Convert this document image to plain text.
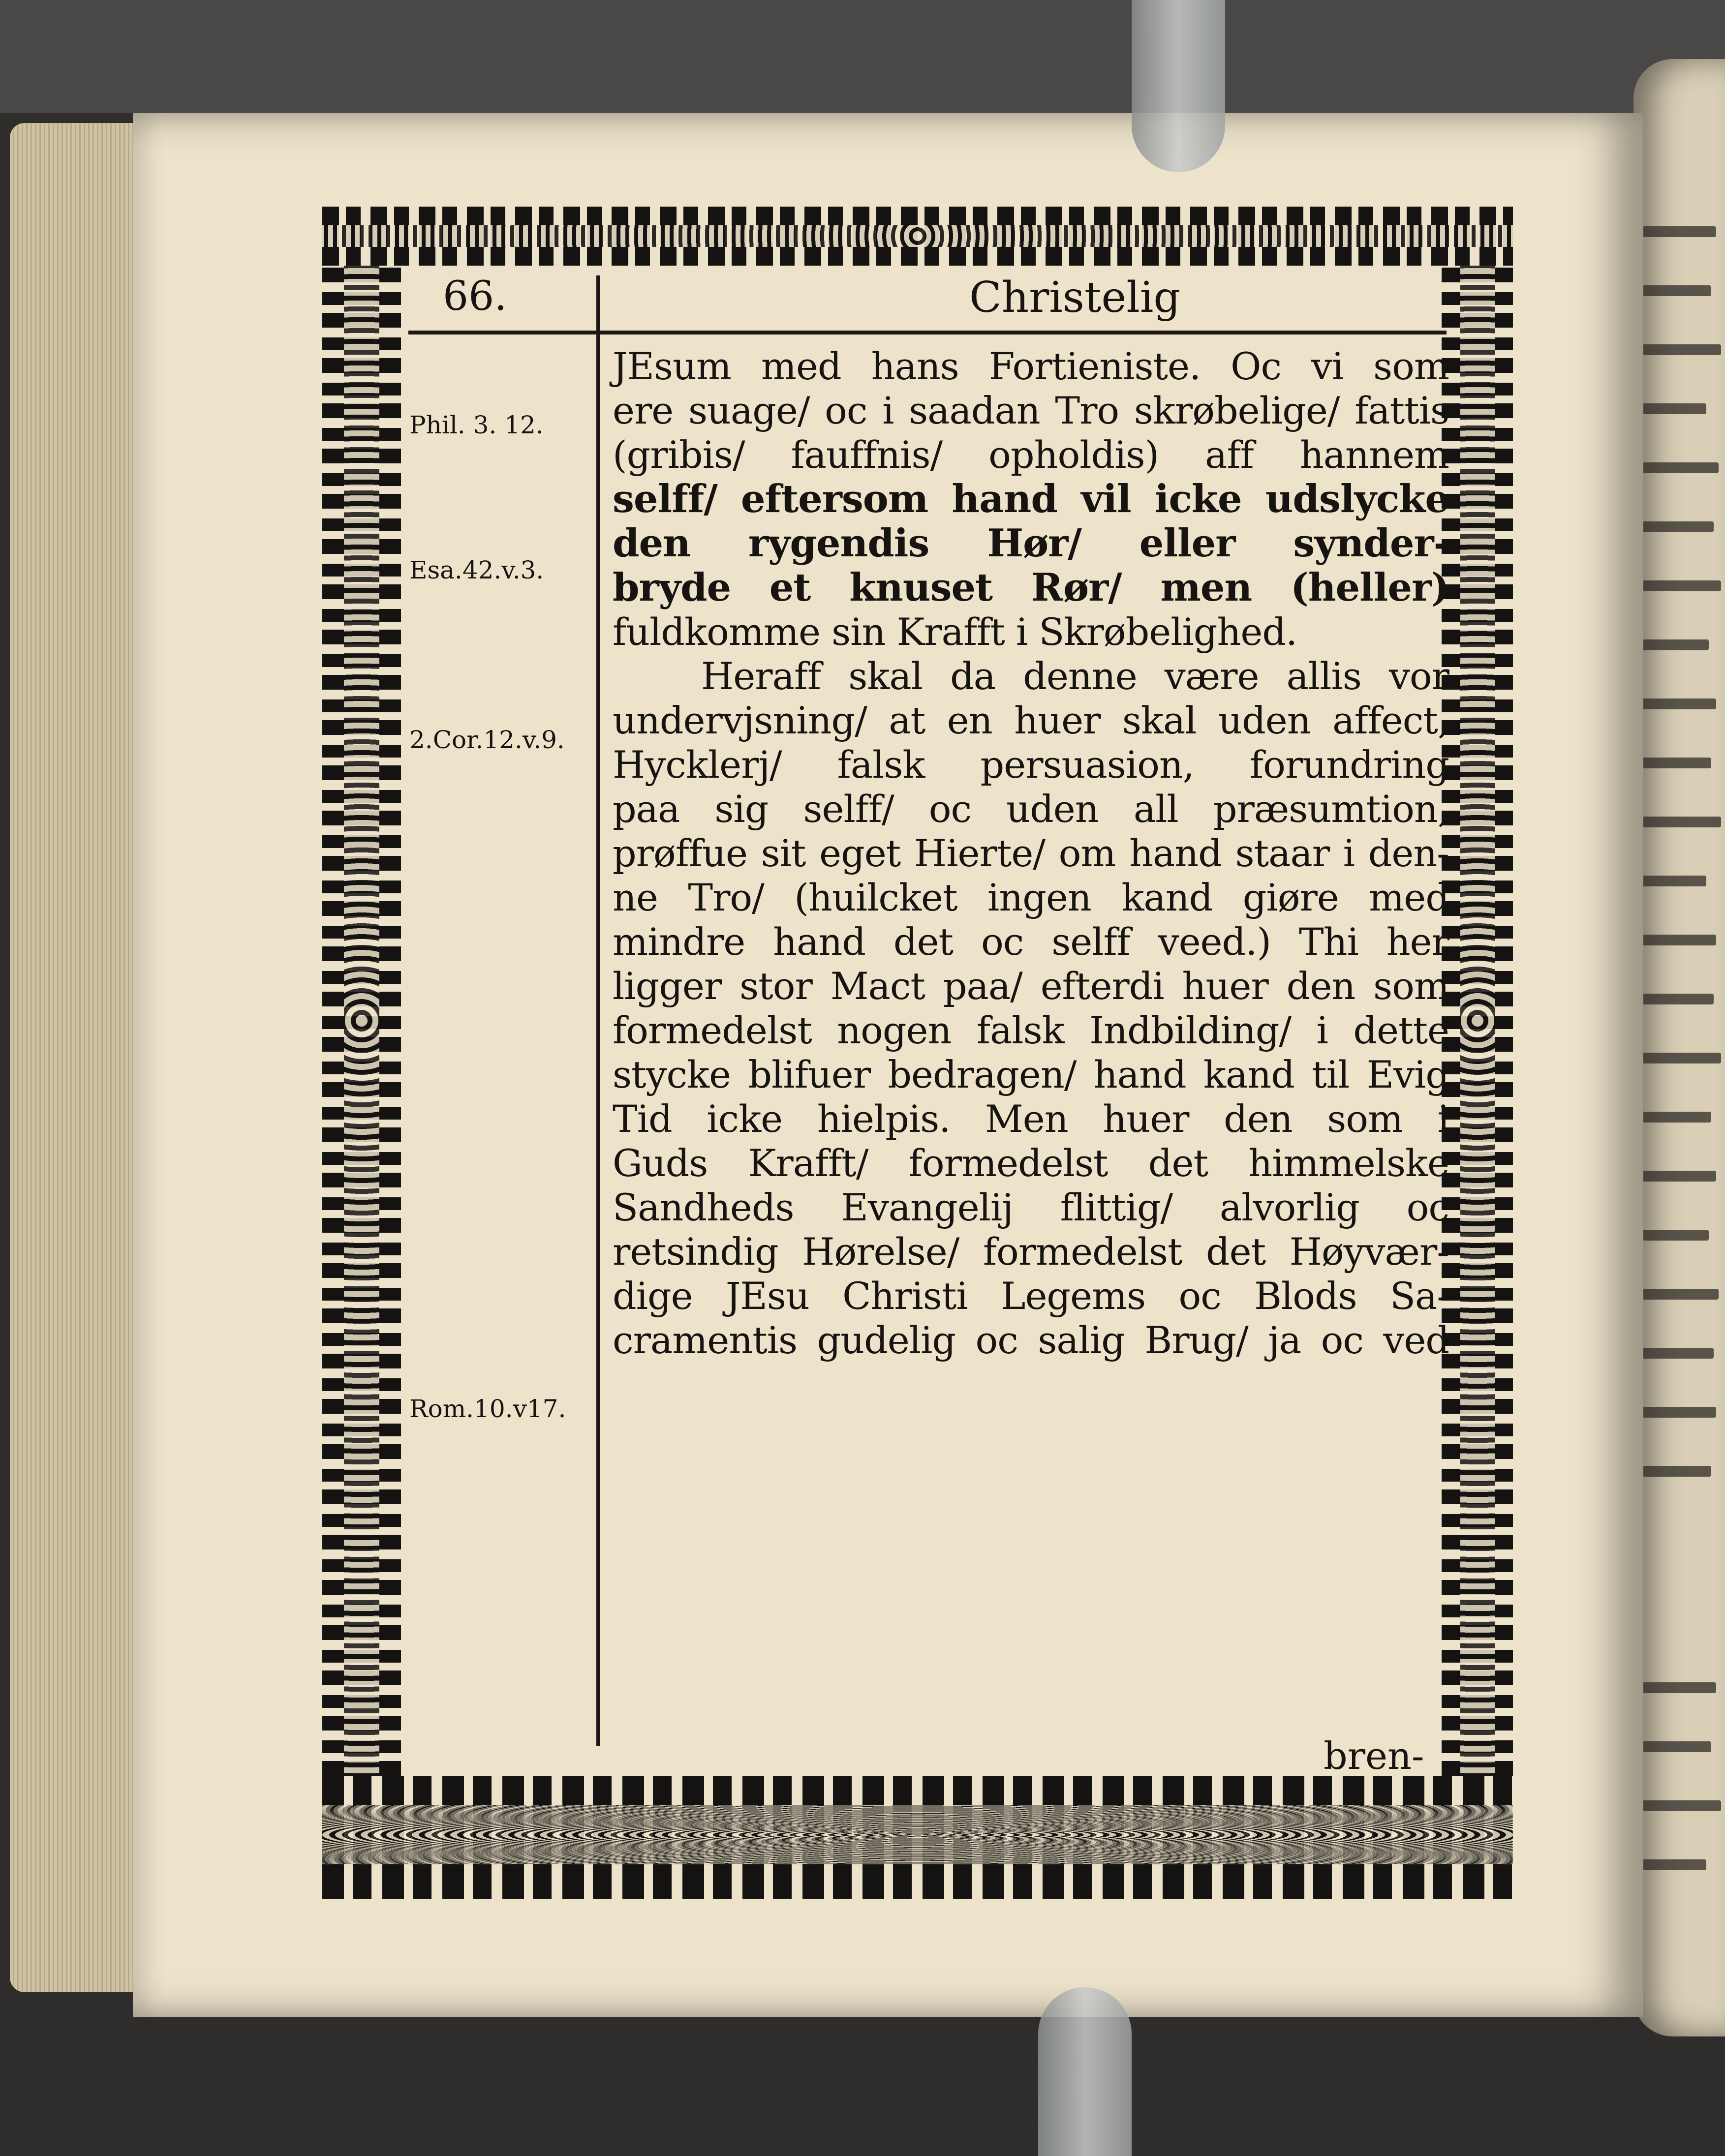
66.	Christelig
Phil. 3. 12.
Esa.42.v.3.
2.Cor.12.v.9.
Rom.10.v17.
JEsum med hans Fortieniste. Oc vi som
ere suage/ oc i saadan Tro skrøbelige/ fattis
(gribis/ fauffnis/ opholdis) aff hannem
selff/ eftersom hand vil icke udslycke
den rygendis Hør/ eller synder-
bryde et knuset Rør/ men (heller)
fuldkomme sin Krafft i Skrøbelighed.
Heraff skal da denne være allis vor
undervjsning/ at en huer skal uden affect,
Hycklerj/ falsk persuasion, forundring
paa sig selff/ oc uden all præsumtion,
prøffue sit eget Hierte/ om hand staar i den-
ne Tro/ (huilcket ingen kand giøre med
mindre hand det oc selff veed.) Thi her
ligger stor Mact paa/ efterdi huer den som
formedelst nogen falsk Indbilding/ i dette
stycke blifuer bedragen/ hand kand til Evig
Tid icke hielpis. Men huer den som i
Guds Krafft/ formedelst det himmelske
Sandheds Evangelij flittig/ alvorlig oc
retsindig Hørelse/ formedelst det Høyvær-
dige JEsu Christi Legems oc Blods Sa-
cramentis gudelig oc salig Brug/ ja oc ved
bren-
